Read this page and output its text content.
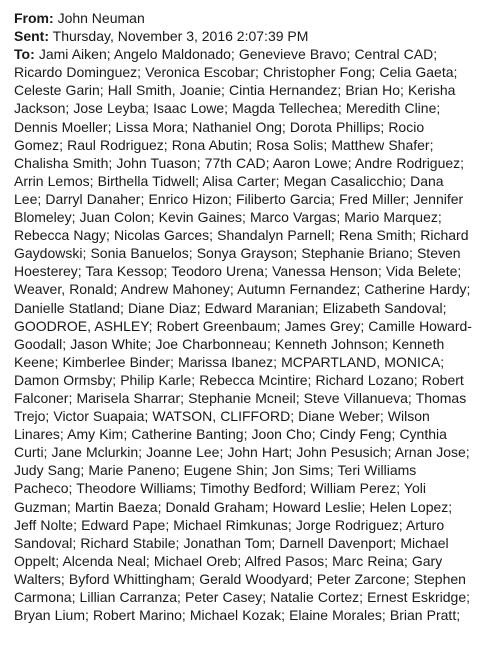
From: John Neuman
Sent: Thursday, November 3, 2016 2:07:39 PM
To: Jami Aiken; Angelo Maldonado; Genevieve Bravo; Central CAD; Ricardo Dominguez; Veronica Escobar; Christopher Fong; Celia Gaeta; Celeste Garin; Hall Smith, Joanie; Cintia Hernandez; Brian Ho; Kerisha Jackson; Jose Leyba; Isaac Lowe; Magda Tellechea; Meredith Cline; Dennis Moeller; Lissa Mora; Nathaniel Ong; Dorota Phillips; Rocio Gomez; Raul Rodriguez; Rona Abutin; Rosa Solis; Matthew Shafer; Chalisha Smith; John Tuason; 77th CAD; Aaron Lowe; Andre Rodriguez; Arrin Lemos; Birthella Tidwell; Alisa Carter; Megan Casalicchio; Dana Lee; Darryl Danaher; Enrico Hizon; Filiberto Garcia; Fred Miller; Jennifer Blomeley; Juan Colon; Kevin Gaines; Marco Vargas; Mario Marquez; Rebecca Nagy; Nicolas Garces; Shandalyn Parnell; Rena Smith; Richard Gaydowski; Sonia Banuelos; Sonya Grayson; Stephanie Briano; Steven Hoesterey; Tara Kessop; Teodoro Urena; Vanessa Henson; Vida Belete; Weaver, Ronald; Andrew Mahoney; Autumn Fernandez; Catherine Hardy; Danielle Statland; Diane Diaz; Edward Maranian; Elizabeth Sandoval; GOODROE, ASHLEY; Robert Greenbaum; James Grey; Camille Howard-Goodall; Jason White; Joe Charbonneau; Kenneth Johnson; Kenneth Keene; Kimberlee Binder; Marissa Ibanez; MCPARTLAND, MONICA; Damon Ormsby; Philip Karle; Rebecca Mcintire; Richard Lozano; Robert Falconer; Marisela Sharrar; Stephanie Mcneil; Steve Villanueva; Thomas Trejo; Victor Suapaia; WATSON, CLIFFORD; Diane Weber; Wilson Linares; Amy Kim; Catherine Banting; Joon Cho; Cindy Feng; Cynthia Curti; Jane Mclurkin; Joanne Lee; John Hart; John Pesusich; Arnan Jose; Judy Sang; Marie Paneno; Eugene Shin; Jon Sims; Teri Williams Pacheco; Theodore Williams; Timothy Bedford; William Perez; Yoli Guzman; Martin Baeza; Donald Graham; Howard Leslie; Helen Lopez; Jeff Nolte; Edward Pape; Michael Rimkunas; Jorge Rodriguez; Arturo Sandoval; Richard Stabile; Jonathan Tom; Darnell Davenport; Michael Oppelt; Alcenda Neal; Michael Oreb; Alfred Pasos; Marc Reina; Gary Walters; Byford Whittingham; Gerald Woodyard; Peter Zarcone; Stephen Carmona; Lillian Carranza; Peter Casey; Natalie Cortez; Ernest Eskridge; Bryan Lium; Robert Marino; Michael Kozak; Elaine Morales; Brian Pratt;
